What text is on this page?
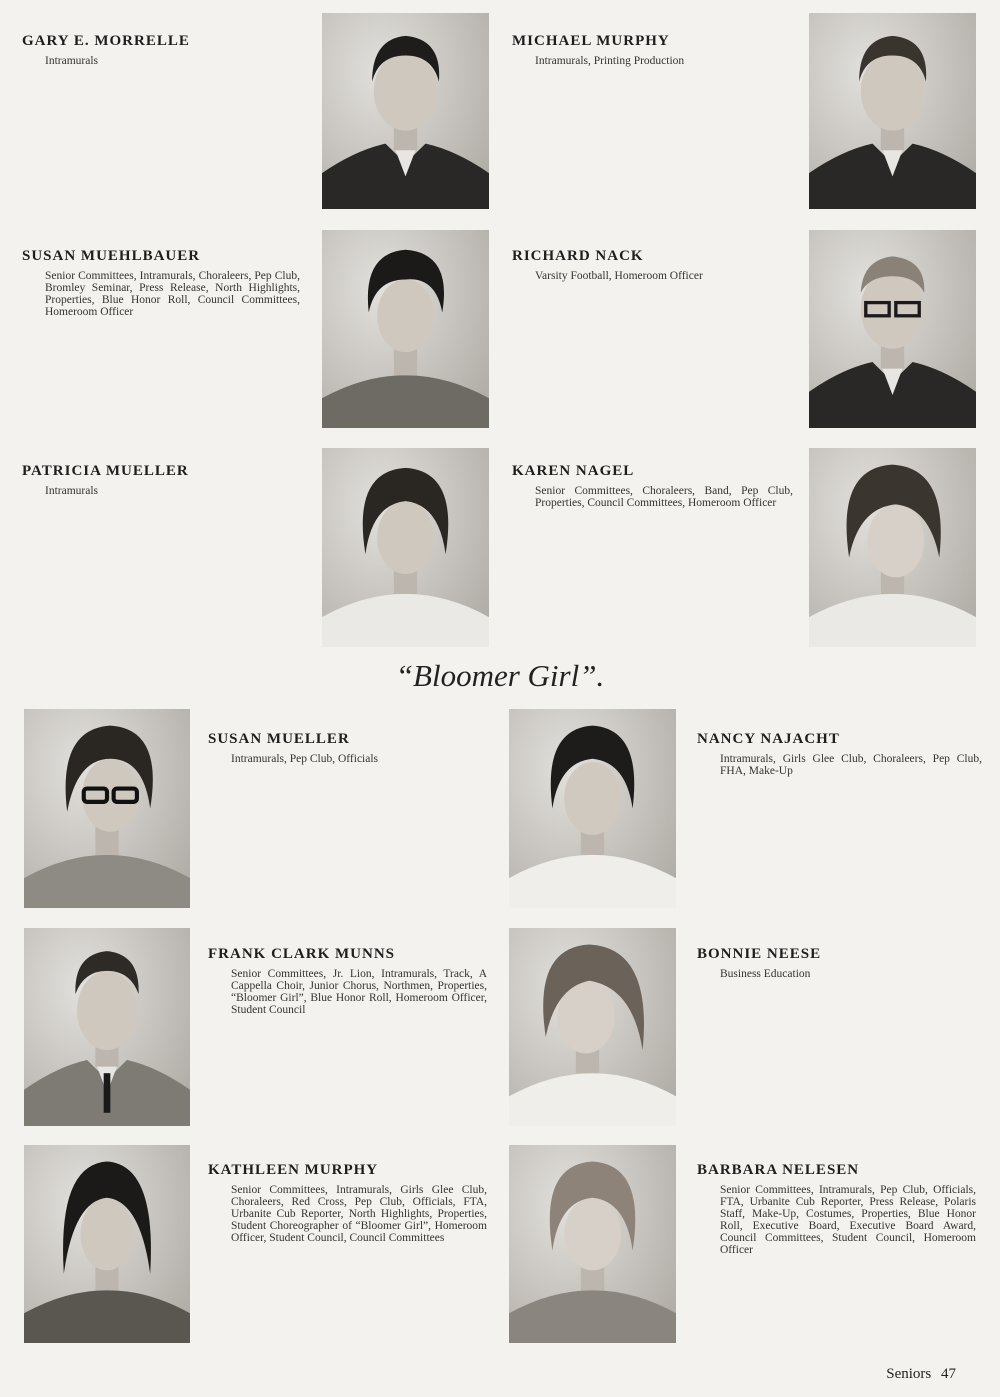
GARY E. MORRELLE
Intramurals
MICHAEL MURPHY
Intramurals, Printing Production
SUSAN MUEHLBAUER
Senior Committees, Intramurals, Choraleers, Pep Club, Bromley Seminar, Press Release, North Highlights, Properties, Blue Honor Roll, Council Committees, Homeroom Officer
RICHARD NACK
Varsity Football, Homeroom Officer
PATRICIA MUELLER
Intramurals
KAREN NAGEL
Senior Committees, Choraleers, Band, Pep Club, Properties, Council Committees, Homeroom Officer
“Bloomer Girl”.
SUSAN MUELLER
Intramurals, Pep Club, Officials
NANCY NAJACHT
Intramurals, Girls Glee Club, Choraleers, Pep Club, FHA, Make-Up
FRANK CLARK MUNNS
Senior Committees, Jr. Lion, Intramurals, Track, A Cappella Choir, Junior Chorus, Northmen, Properties, “Bloomer Girl”, Blue Honor Roll, Homeroom Officer, Student Council
BONNIE NEESE
Business Education
KATHLEEN MURPHY
Senior Committees, Intramurals, Girls Glee Club, Choraleers, Red Cross, Pep Club, Officials, FTA, Urbanite Cub Reporter, North Highlights, Properties, Student Choreographer of “Bloomer Girl”, Homeroom Officer, Student Council, Council Committees
BARBARA NELESEN
Senior Committees, Intramurals, Pep Club, Officials, FTA, Urbanite Cub Reporter, Press Release, Polaris Staff, Make-Up, Costumes, Properties, Blue Honor Roll, Executive Board, Executive Board Award, Council Committees, Student Council, Homeroom Officer
Seniors 47
